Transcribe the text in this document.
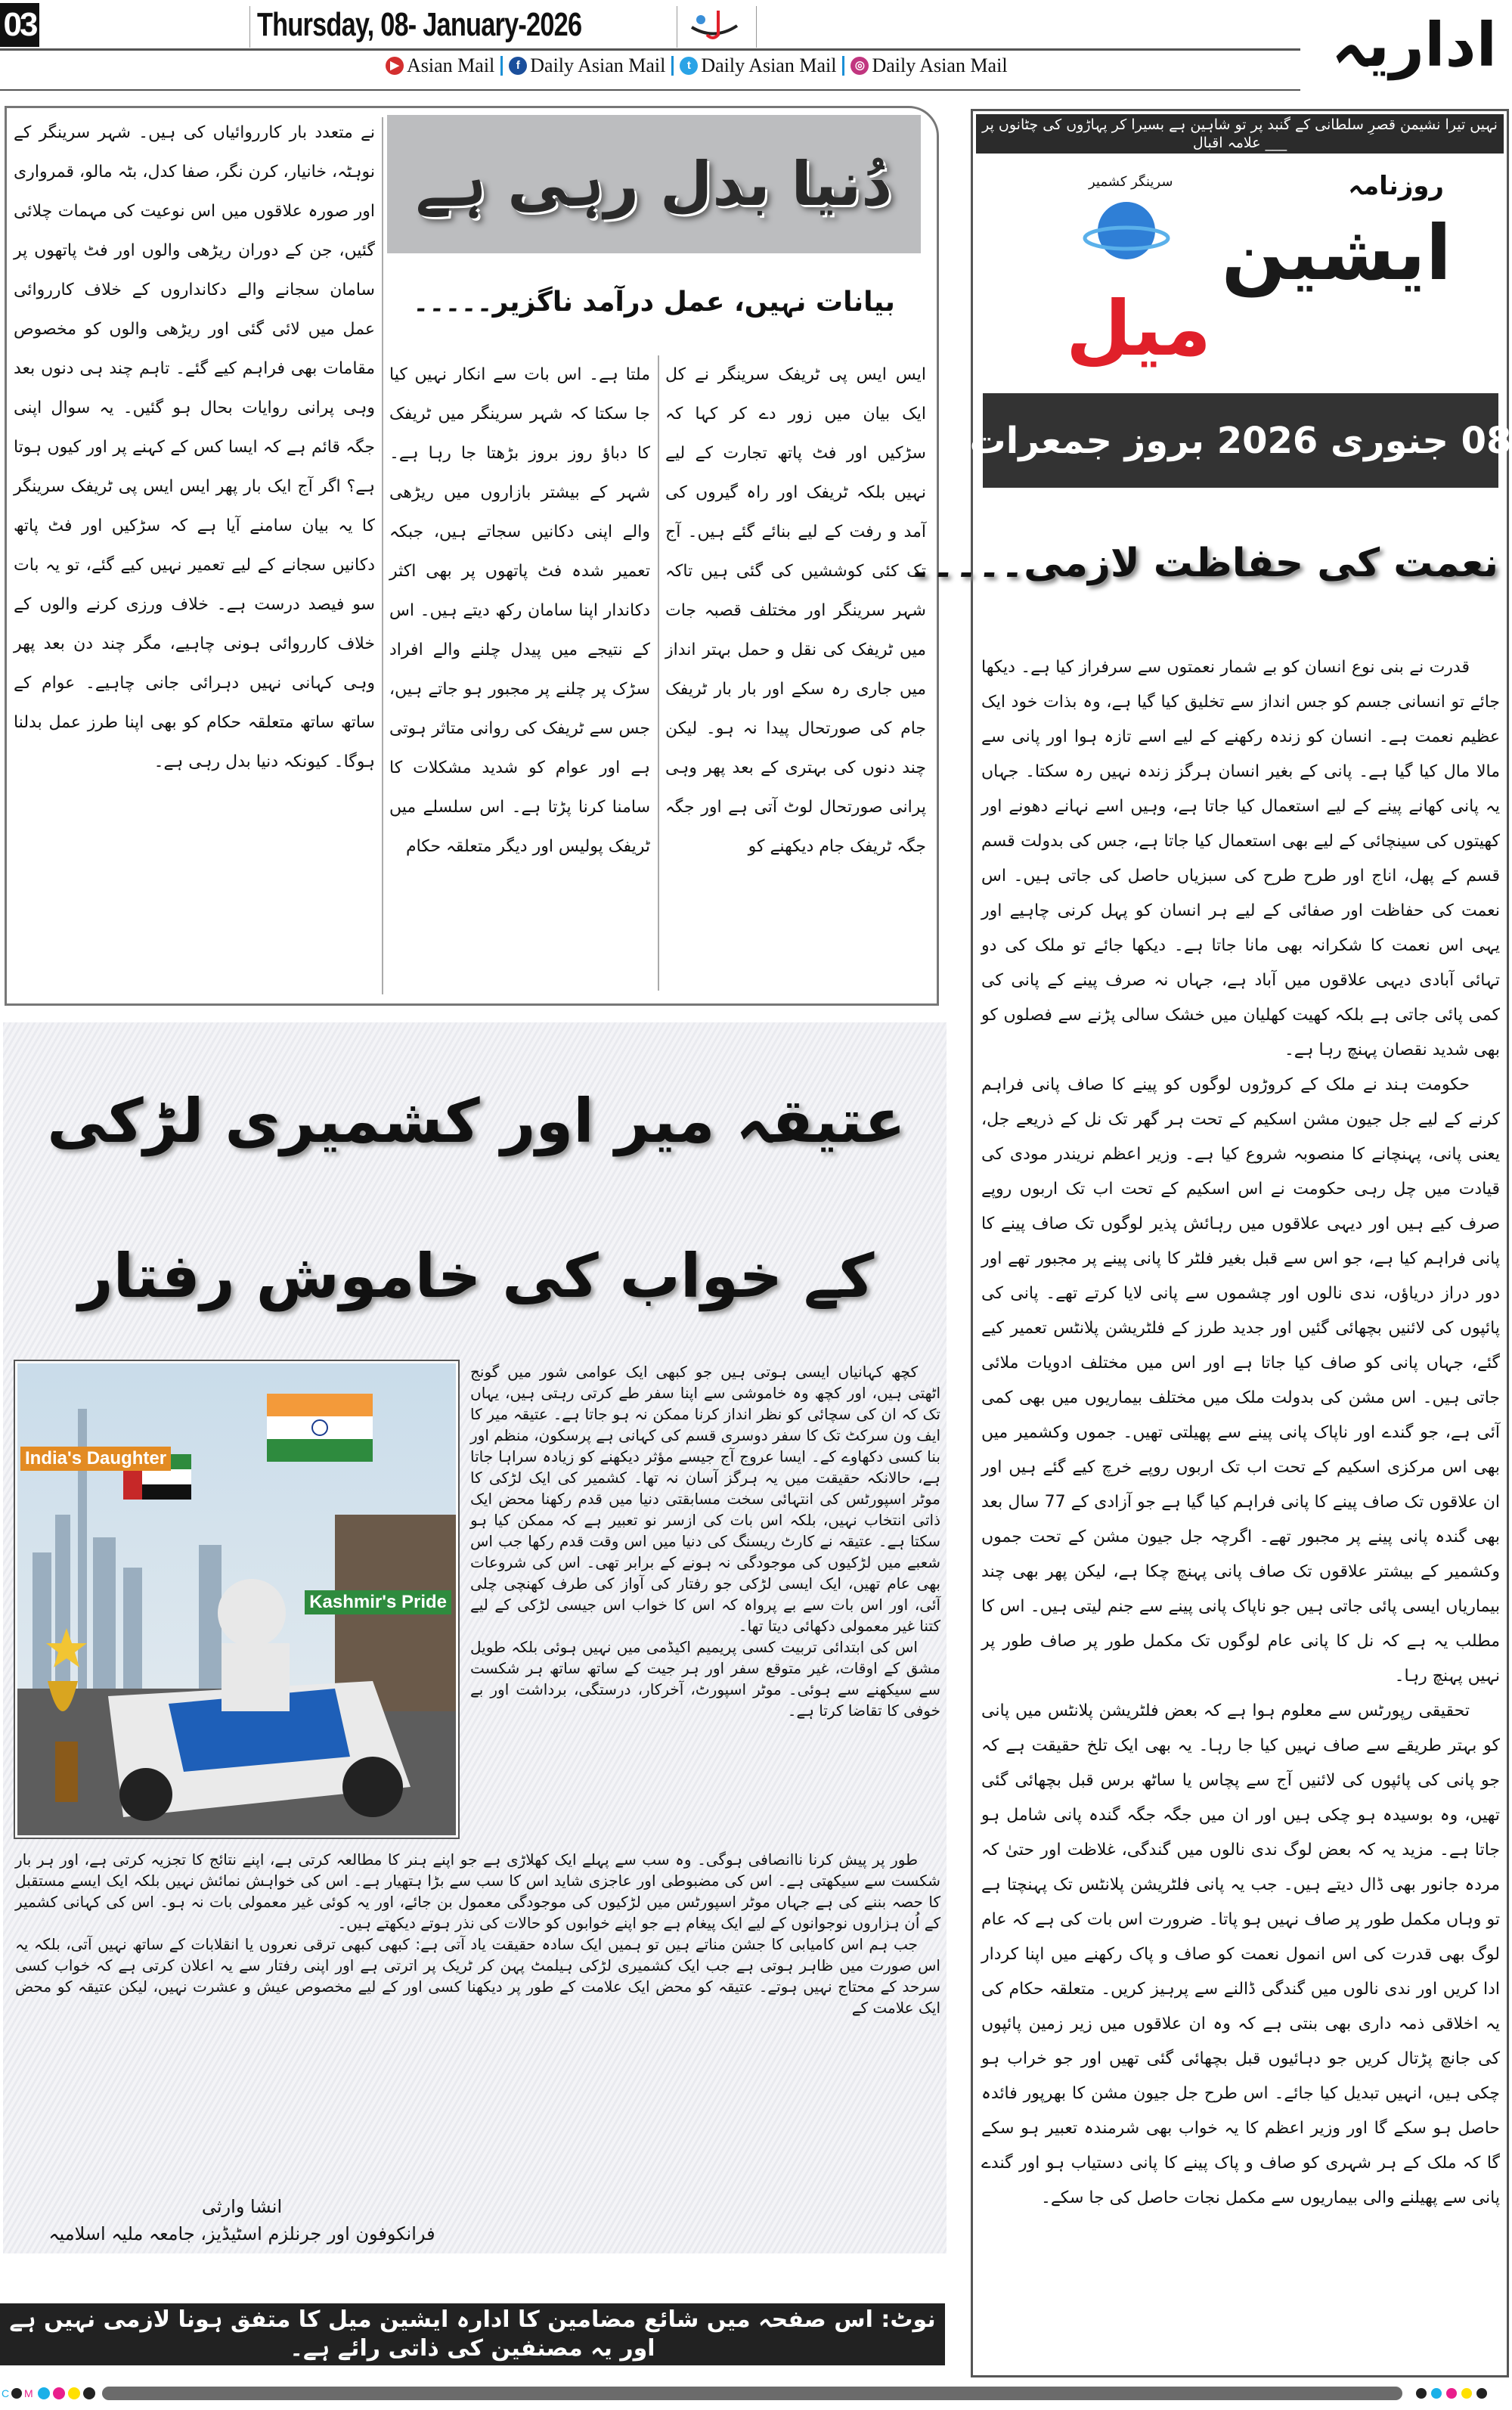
03	Thursday, 08- January-2026
▶ Asian Mail	f Daily Asian Mail	t Daily Asian Mail	◎ Daily Asian Mail	اداریہ
دُنیا بدل رہی ہے
بیانات نہیں، عمل درآمد ناگزیر۔۔۔۔۔
ایس ایس پی ٹریفک سرینگر نے کل ایک بیان میں زور دے کر کہا کہ سڑکیں اور فٹ پاتھ تجارت کے لیے نہیں بلکہ ٹریفک اور راہ گیروں کی آمد و رفت کے لیے بنائے گئے ہیں۔ آج تک کئی کوششیں کی گئی ہیں تاکہ شہر سرینگر اور مختلف قصبہ جات میں ٹریفک کی نقل و حمل بہتر انداز میں جاری رہ سکے اور بار بار ٹریفک جام کی صورتحال پیدا نہ ہو۔ لیکن چند دنوں کی بہتری کے بعد پھر وہی پرانی صورتحال لوٹ آتی ہے اور جگہ جگہ ٹریفک جام دیکھنے کو
ملتا ہے۔ اس بات سے انکار نہیں کیا جا سکتا کہ شہر سرینگر میں ٹریفک کا دباؤ روز بروز بڑھتا جا رہا ہے۔ شہر کے بیشتر بازاروں میں ریڑھی والے اپنی دکانیں سجاتے ہیں، جبکہ تعمیر شدہ فٹ پاتھوں پر بھی اکثر دکاندار اپنا سامان رکھ دیتے ہیں۔ اس کے نتیجے میں پیدل چلنے والے افراد سڑک پر چلنے پر مجبور ہو جاتے ہیں، جس سے ٹریفک کی روانی متاثر ہوتی ہے اور عوام کو شدید مشکلات کا سامنا کرنا پڑتا ہے۔ اس سلسلے میں ٹریفک پولیس اور دیگر متعلقہ حکام
نے متعدد بار کارروائیاں کی ہیں۔ شہر سرینگر کے نوہٹہ، خانیار، کرن نگر، صفا کدل، بٹہ مالو، قمرواری اور صورہ علاقوں میں اس نوعیت کی مہمات چلائی گئیں، جن کے دوران ریڑھی والوں اور فٹ پاتھوں پر سامان سجانے والے دکانداروں کے خلاف کارروائی عمل میں لائی گئی اور ریڑھی والوں کو مخصوص مقامات بھی فراہم کیے گئے۔ تاہم چند ہی دنوں بعد وہی پرانی روایات بحال ہو گئیں۔ یہ سوال اپنی جگہ قائم ہے کہ ایسا کس کے کہنے پر اور کیوں ہوتا ہے؟ اگر آج ایک بار پھر ایس ایس پی ٹریفک سرینگر کا یہ بیان سامنے آیا ہے کہ سڑکیں اور فٹ پاتھ دکانیں سجانے کے لیے تعمیر نہیں کیے گئے، تو یہ بات سو فیصد درست ہے۔ خلاف ورزی کرنے والوں کے خلاف کارروائی ہونی چاہیے، مگر چند دن بعد پھر وہی کہانی نہیں دہرائی جانی چاہیے۔ عوام کے ساتھ ساتھ متعلقہ حکام کو بھی اپنا طرز عمل بدلنا ہوگا۔ کیونکہ دنیا بدل رہی ہے۔
نہیں تیرا نشیمن قصرِ سلطانی کے گنبد پر تو شاہین ہے بسیرا کر پہاڑوں کی چٹانوں پر ___ علامہ اقبال
روزنامہ
سرینگر کشمیر
ایشین
میل
08 جنوری 2026 بروز جمعرات
نعمت کی حفاظت لازمی۔۔۔۔۔

قدرت نے بنی نوع انسان کو بے شمار نعمتوں سے سرفراز کیا ہے۔ دیکھا جائے تو انسانی جسم کو جس انداز سے تخلیق کیا گیا ہے، وہ بذات خود ایک عظیم نعمت ہے۔ انسان کو زندہ رکھنے کے لیے اسے تازہ ہوا اور پانی سے مالا مال کیا گیا ہے۔ پانی کے بغیر انسان ہرگز زندہ نہیں رہ سکتا۔ جہاں یہ پانی کھانے پینے کے لیے استعمال کیا جاتا ہے، وہیں اسے نہانے دھونے اور کھیتوں کی سینچائی کے لیے بھی استعمال کیا جاتا ہے، جس کی بدولت قسم قسم کے پھل، اناج اور طرح طرح کی سبزیاں حاصل کی جاتی ہیں۔ اس نعمت کی حفاظت اور صفائی کے لیے ہر انسان کو پہل کرنی چاہیے اور یہی اس نعمت کا شکرانہ بھی مانا جاتا ہے۔ دیکھا جائے تو ملک کی دو تہائی آبادی دیہی علاقوں میں آباد ہے، جہاں نہ صرف پینے کے پانی کی کمی پائی جاتی ہے بلکہ کھیت کھلیان میں خشک سالی پڑنے سے فصلوں کو بھی شدید نقصان پہنچ رہا ہے۔

حکومت ہند نے ملک کے کروڑوں لوگوں کو پینے کا صاف پانی فراہم کرنے کے لیے جل جیون مشن اسکیم کے تحت ہر گھر تک نل کے ذریعے جل، یعنی پانی، پہنچانے کا منصوبہ شروع کیا ہے۔ وزیر اعظم نریندر مودی کی قیادت میں چل رہی حکومت نے اس اسکیم کے تحت اب تک اربوں روپے صرف کیے ہیں اور دیہی علاقوں میں رہائش پذیر لوگوں تک صاف پینے کا پانی فراہم کیا ہے، جو اس سے قبل بغیر فلٹر کا پانی پینے پر مجبور تھے اور دور دراز دریاؤں، ندی نالوں اور چشموں سے پانی لایا کرتے تھے۔ پانی کی پائپوں کی لائنیں بچھائی گئیں اور جدید طرز کے فلٹریشن پلانٹس تعمیر کیے گئے، جہاں پانی کو صاف کیا جاتا ہے اور اس میں مختلف ادویات ملائی جاتی ہیں۔ اس مشن کی بدولت ملک میں مختلف بیماریوں میں بھی کمی آئی ہے، جو گندے اور ناپاک پانی پینے سے پھیلتی تھیں۔ جموں وکشمیر میں بھی اس مرکزی اسکیم کے تحت اب تک اربوں روپے خرچ کیے گئے ہیں اور ان علاقوں تک صاف پینے کا پانی فراہم کیا گیا ہے جو آزادی کے 77 سال بعد بھی گندہ پانی پینے پر مجبور تھے۔ اگرچہ جل جیون مشن کے تحت جموں وکشمیر کے بیشتر علاقوں تک صاف پانی پہنچ چکا ہے، لیکن پھر بھی چند بیماریاں ایسی پائی جاتی ہیں جو ناپاک پانی پینے سے جنم لیتی ہیں۔ اس کا مطلب یہ ہے کہ نل کا پانی عام لوگوں تک مکمل طور پر صاف طور پر نہیں پہنچ رہا۔

تحقیقی رپورٹس سے معلوم ہوا ہے کہ بعض فلٹریشن پلانٹس میں پانی کو بہتر طریقے سے صاف نہیں کیا جا رہا۔ یہ بھی ایک تلخ حقیقت ہے کہ جو پانی کی پائپوں کی لائنیں آج سے پچاس یا ساٹھ برس قبل بچھائی گئی تھیں، وہ بوسیدہ ہو چکی ہیں اور ان میں جگہ جگہ گندہ پانی شامل ہو جاتا ہے۔ مزید یہ کہ بعض لوگ ندی نالوں میں گندگی، غلاظت اور حتیٰ کہ مردہ جانور بھی ڈال دیتے ہیں۔ جب یہ پانی فلٹریشن پلانٹس تک پہنچتا ہے تو وہاں مکمل طور پر صاف نہیں ہو پاتا۔ ضرورت اس بات کی ہے کہ عام لوگ بھی قدرت کی اس انمول نعمت کو صاف و پاک رکھنے میں اپنا کردار ادا کریں اور ندی نالوں میں گندگی ڈالنے سے پرہیز کریں۔ متعلقہ حکام کی یہ اخلاقی ذمہ داری بھی بنتی ہے کہ وہ ان علاقوں میں زیر زمین پائپوں کی جانچ پڑتال کریں جو دہائیوں قبل بچھائی گئی تھیں اور جو خراب ہو چکی ہیں، انہیں تبدیل کیا جائے۔ اس طرح جل جیون مشن کا بھرپور فائدہ حاصل ہو سکے گا اور وزیر اعظم کا یہ خواب بھی شرمندہ تعبیر ہو سکے گا کہ ملک کے ہر شہری کو صاف و پاک پینے کا پانی دستیاب ہو اور گندے پانی سے پھیلنے والی بیماریوں سے مکمل نجات حاصل کی جا سکے۔

عتیقہ میر اور کشمیری لڑکی
کے خواب کی خاموش رفتار
India's Daughter
Kashmir's Pride

کچھ کہانیاں ایسی ہوتی ہیں جو کبھی ایک عوامی شور میں گونج اٹھتی ہیں، اور کچھ وہ خاموشی سے اپنا سفر طے کرتی رہتی ہیں، یہاں تک کہ ان کی سچائی کو نظر انداز کرنا ممکن نہ ہو جاتا ہے۔ عتیقہ میر کا ایف ون سرکٹ تک کا سفر دوسری قسم کی کہانی ہے پرسکون، منظم اور بنا کسی دکھاوے کے۔ ایسا عروج آج جیسے مؤثر دیکھنے کو زیادہ سراہا جاتا ہے، حالانکہ حقیقت میں یہ ہرگز آسان نہ تھا۔ کشمیر کی ایک لڑکی کا موٹر اسپورٹس کی انتہائی سخت مسابقتی دنیا میں قدم رکھنا محض ایک ذاتی انتخاب نہیں، بلکہ اس بات کی ازسر نو تعبیر ہے کہ ممکن کیا ہو سکتا ہے۔ عتیقہ نے کارٹ ریسنگ کی دنیا میں اس وقت قدم رکھا جب اس شعبے میں لڑکیوں کی موجودگی نہ ہونے کے برابر تھی۔ اس کی شروعات بھی عام تھیں، ایک ایسی لڑکی جو رفتار کی آواز کی طرف کھنچی چلی آئی، اور اس بات سے بے پرواہ کہ اس کا خواب اس جیسی لڑکی کے لیے کتنا غیر معمولی دکھائی دیتا تھا۔

اس کی ابتدائی تربیت کسی پریمیم اکیڈمی میں نہیں ہوئی بلکہ طویل مشق کے اوقات، غیر متوقع سفر اور ہر جیت کے ساتھ ساتھ ہر شکست سے سیکھنے سے ہوئی۔ موٹر اسپورٹ، آخرکار، درستگی، برداشت اور بے خوفی کا تقاضا کرتا ہے۔

طور پر پیش کرنا ناانصافی ہوگی۔ وہ سب سے پہلے ایک کھلاڑی ہے جو اپنے ہنر کا مطالعہ کرتی ہے، اپنے نتائج کا تجزیہ کرتی ہے، اور ہر بار شکست سے سیکھتی ہے۔ اس کی مضبوطی اور عاجزی شاید اس کا سب سے بڑا ہتھیار ہے۔ اس کی خواہش نمائش نہیں بلکہ ایک ایسے مستقبل کا حصہ بننے کی ہے جہاں موٹر اسپورٹس میں لڑکیوں کی موجودگی معمول بن جائے، اور یہ کوئی غیر معمولی بات نہ ہو۔ اس کی کہانی کشمیر کے اُن ہزاروں نوجوانوں کے لیے ایک پیغام ہے جو اپنے خوابوں کو حالات کی نذر ہوتے دیکھتے ہیں۔

جب ہم اس کامیابی کا جشن مناتے ہیں تو ہمیں ایک سادہ حقیقت یاد آتی ہے: کبھی کبھی ترقی نعروں یا انقلابات کے ساتھ نہیں آتی، بلکہ یہ اس صورت میں ظاہر ہوتی ہے جب ایک کشمیری لڑکی ہیلمٹ پہن کر ٹریک پر اترتی ہے اور اپنی رفتار سے یہ اعلان کرتی ہے کہ خواب کسی سرحد کے محتاج نہیں ہوتے۔ عتیقہ کو محض ایک علامت کے طور پر دیکھنا کسی اور کے لیے مخصوص عیش و عشرت نہیں، لیکن عتیقہ کو محض ایک علامت کے

انشا وارثی
فرانکوفون اور جرنلزم اسٹیڈیز، جامعہ ملیہ اسلامیہ
نوٹ: اس صفحہ میں شائع مضامین کا ادارہ ایشین میل کا متفق ہونا لازمی نہیں ہے اور یہ مصنفین کی ذاتی رائے ہے۔
C M
